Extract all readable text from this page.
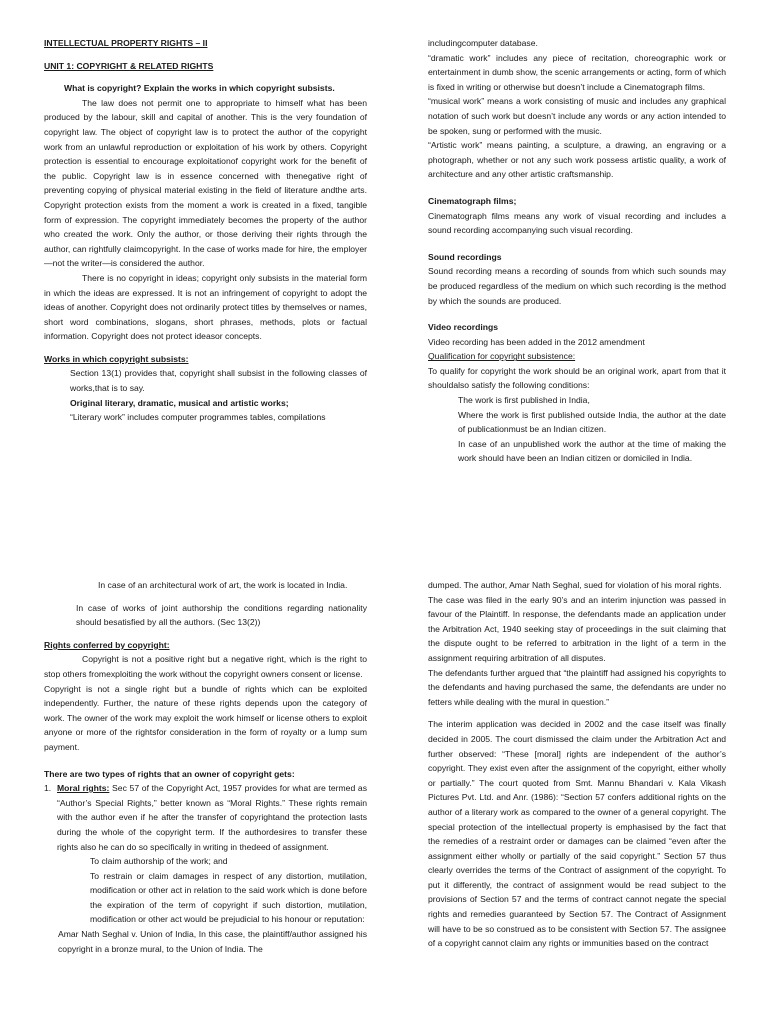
INTELLECTUAL PROPERTY RIGHTS – II

UNIT 1: COPYRIGHT & RELATED RIGHTS

What is copyright? Explain the works in which copyright subsists.

The law does not permit one to appropriate to himself what has been produced by the labour, skill and capital of another. This is the very foundation of copyright law. The object of copyright law is to protect the author of the copyright work from an unlawful reproduction or exploitation of his work by others. Copyright protection is essential to encourage exploitationof copyright work for the benefit of the public. Copyright law is in essence concerned with thenegative right of preventing copying of physical material existing in the field of literature andthe arts. Copyright protection exists from the moment a work is created in a fixed, tangible form of expression. The copyright immediately becomes the property of the author who created the work. Only the author, or those deriving their rights through the author, can rightfully claimcopyright. In the case of works made for hire, the employer—not the writer—is considered the author.

There is no copyright in ideas; copyright only subsists in the material form in which the ideas are expressed. It is not an infringement of copyright to adopt the ideas of another. Copyright does not ordinarily protect titles by themselves or names, short word combinations, slogans, short phrases, methods, plots or factual information. Copyright does not protect ideasor concepts.

Works in which copyright subsists:

Section 13(1) provides that, copyright shall subsist in the following classes of works,that is to say.

Original literary, dramatic, musical and artistic works;

“Literary work” includes computer programmes tables, compilations

includingcomputer database.

“dramatic work” includes any piece of recitation, choreographic work or entertainment in dumb show, the scenic arrangements or acting, form of which is fixed in writing or otherwise but doesn’t include a Cinematograph films.

“musical work” means a work consisting of music and includes any graphical notation of such work but doesn’t include any words or any action intended to be spoken, sung or performed with the music.

“Artistic work” means painting, a sculpture, a drawing, an engraving or a photograph, whether or not any such work possess artistic quality, a work of architecture and any other artistic craftsmanship.

Cinematograph films;

Cinematograph films means any work of visual recording and includes a sound recording accompanying such visual recording.

Sound recordings

Sound recording means a recording of sounds from which such sounds may be produced regardless of the medium on which such recording is the method by which the sounds are produced.

Video recordings

Video recording has been added in the 2012 amendment

Qualification for copyright subsistence:

To qualify for copyright the work should be an original work, apart from that it shouldalso satisfy the following conditions:

The work is first published in India,

Where the work is first published outside India, the author at the date of publicationmust be an Indian citizen.

In case of an unpublished work the author at the time of making the work should have been an Indian citizen or domiciled in India.

In case of an architectural work of art, the work is located in India.

In case of works of joint authorship the conditions regarding nationality should besatisfied by all the authors. (Sec 13(2))

Rights conferred by copyright:

Copyright is not a positive right but a negative right, which is the right to stop others fromexploiting the work without the copyright owners consent or license.

Copyright is not a single right but a bundle of rights which can be exploited independently. Further, the nature of these rights depends upon the category of work. The owner of the work may exploit the work himself or license others to exploit anyone or more of the rightsfor consideration in the form of royalty or a lump sum payment.

There are two types of rights that an owner of copyright gets:

1. Moral rights: Sec 57 of the Copyright Act, 1957 provides for what are termed as “Author’s Special Rights,” better known as “Moral Rights.” These rights remain with the author even if he after the transfer of copyrightand the protection lasts during the whole of the copyright term. If the authordesires to transfer these rights also he can do so specifically in writing in thedeed of assignment.

To claim authorship of the work; and

To restrain or claim damages in respect of any distortion, mutilation, modification or other act in relation to the said work which is done before the expiration of the term of copyright if such distortion, mutilation, modification or other act would be prejudicial to his honour or reputation:

Amar Nath Seghal v. Union of India, In this case, the plaintiff/author assigned his copyright in a bronze mural, to the Union of India. The

dumped. The author, Amar Nath Seghal, sued for violation of his moral rights.

The case was filed in the early 90’s and an interim injunction was passed in favour of the Plaintiff. In response, the defendants made an application under the Arbitration Act, 1940 seeking stay of proceedings in the suit claiming that the dispute ought to be referred to arbitration in the light of a term in the assignment requiring arbitration of all disputes.

The defendants further argued that “the plaintiff had assigned his copyrights to the defendants and having purchased the same, the defendants are under no fetters while dealing with the mural in question.”

The interim application was decided in 2002 and the case itself was finally decided in 2005. The court dismissed the claim under the Arbitration Act and further observed: “These [moral] rights are independent of the author’s copyright. They exist even after the assignment of the copyright, either wholly or partially.” The court quoted from Smt. Mannu Bhandari v. Kala Vikash Pictures Pvt. Ltd. and Anr. (1986): “Section 57 confers additional rights on the author of a literary work as compared to the owner of a general copyright. The special protection of the intellectual property is emphasised by the fact that the remedies of a restraint order or damages can be claimed “even after the assignment either wholly or partially of the said copyright.” Section 57 thus clearly overrides the terms of the Contract of assignment of the copyright. To put it differently, the contract of assignment would be read subject to the provisions of Section 57 and the terms of contract cannot negate the special rights and remedies guaranteed by Section 57. The Contract of Assignment will have to be so construed as to be consistent with Section 57. The assignee of a copyright cannot claim any rights or immunities based on the contract
